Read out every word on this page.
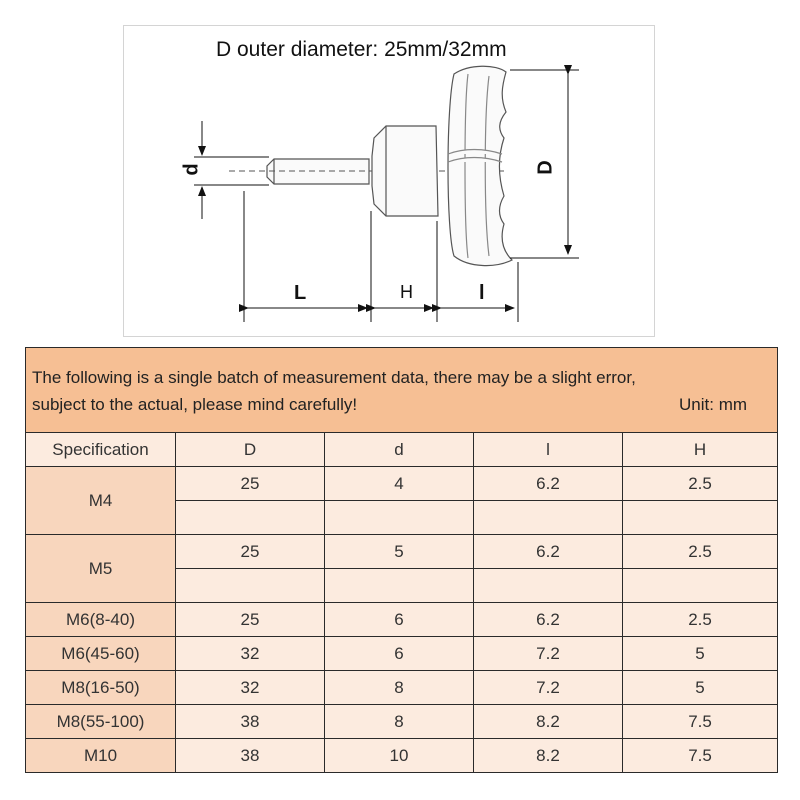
D outer diameter: 25mm/32mm
d	D
L	H	l
The following is a single batch of measurement data, there may be a slight error,
subject to the actual, please mind carefully! Unit: mm				

Specification	D	d	l	H
M4	25	4	6.2	2.5

M5	25	5	6.2	2.5

M6(8-40)	25	6	6.2	2.5
M6(45-60)	32	6	7.2	5
M8(16-50)	32	8	7.2	5
M8(55-100)	38	8	8.2	7.5
M10	38	10	8.2	7.5
